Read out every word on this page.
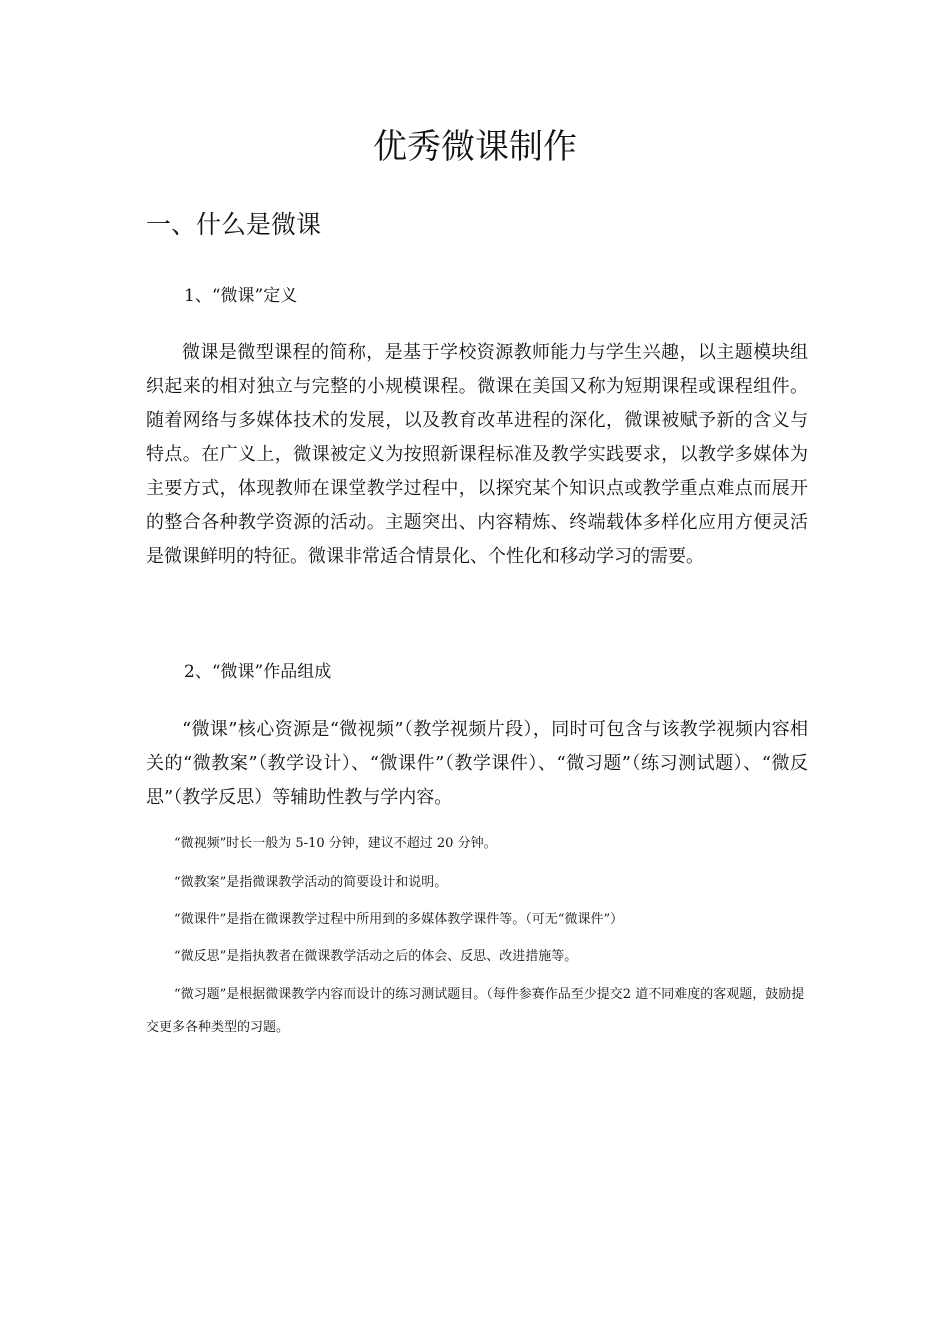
优秀微课制作
一、什么是微课
1、“微课”定义

微课是微型课程的简称，是基于学校资源教师能力与学生兴趣，以主题模块组织起来的相对独立与完整的小规模课程。微课在美国又称为短期课程或课程组件。随着网络与多媒体技术的发展，以及教育改革进程的深化，微课被赋予新的含义与特点。在广义上，微课被定义为按照新课程标准及教学实践要求，以教学多媒体为主要方式，体现教师在课堂教学过程中，以探究某个知识点或教学重点难点而展开的整合各种教学资源的活动。主题突出、内容精炼、终端载体多样化应用方便灵活是微课鲜明的特征。微课非常适合情景化、个性化和移动学习的需要。

2、“微课”作品组成

“微课”核心资源是“微视频”（教学视频片段），同时可包含与该教学视频内容相关的“微教案”（教学设计）、“微课件”（教学课件）、“微习题”（练习测试题）、“微反思”（教学反思）等辅助性教与学内容。

“微视频”时长一般为 5-10 分钟，建议不超过 20 分钟。

“微教案”是指微课教学活动的简要设计和说明。

“微课件”是指在微课教学过程中所用到的多媒体教学课件等。（可无“微课件”）

“微反思”是指执教者在微课教学活动之后的体会、反思、改进措施等。

“微习题”是根据微课教学内容而设计的练习测试题目。（每件参赛作品至少提交2 道不同难度的客观题，鼓励提交更多各种类型的习题。
